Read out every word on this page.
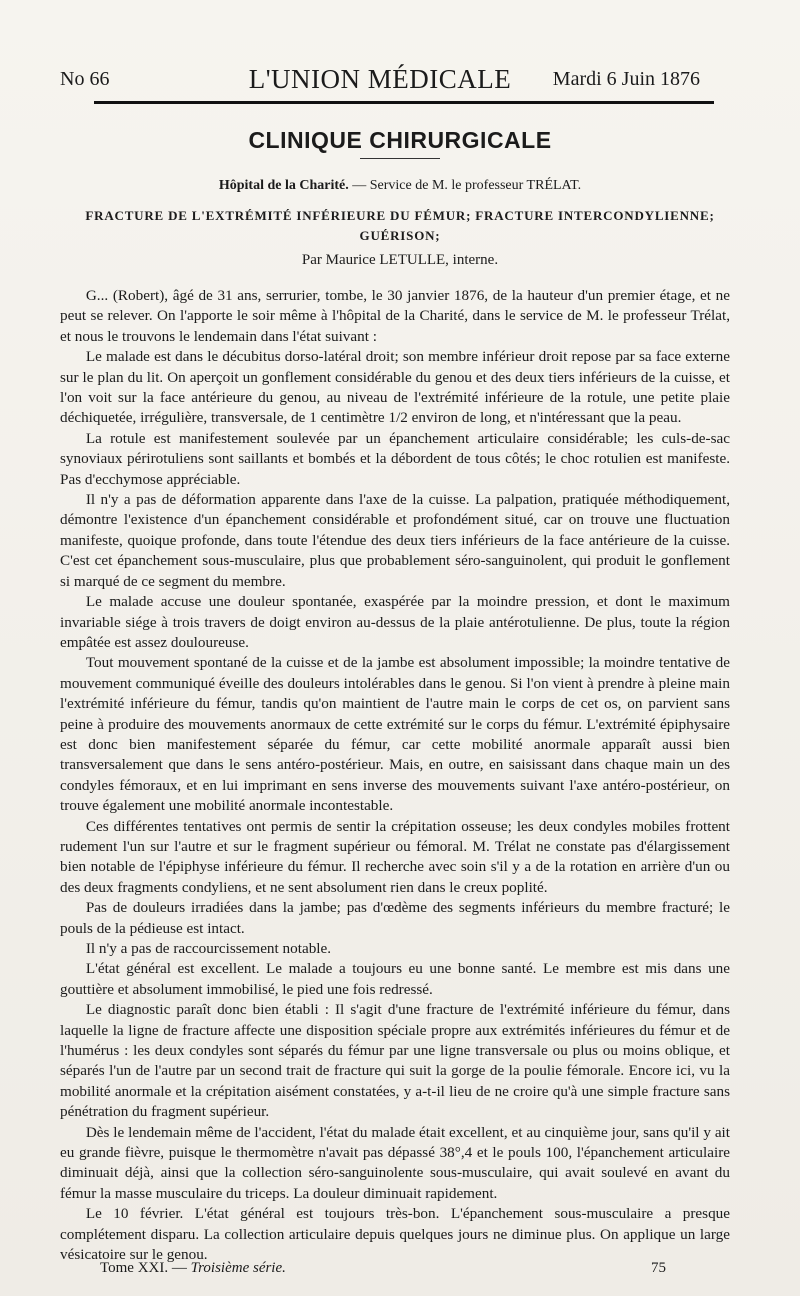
No 66	L'UNION MÉDICALE	Mardi 6 Juin 1876
CLINIQUE CHIRURGICALE
Hôpital de la Charité. — Service de M. le professeur TRÉLAT.
FRACTURE DE L'EXTRÉMITÉ INFÉRIEURE DU FÉMUR; FRACTURE INTERCONDYLIENNE; GUÉRISON;
Par Maurice LETULLE, interne.

G... (Robert), âgé de 31 ans, serrurier, tombe, le 30 janvier 1876, de la hauteur d'un premier étage, et ne peut se relever. On l'apporte le soir même à l'hôpital de la Charité, dans le service de M. le professeur Trélat, et nous le trouvons le lendemain dans l'état suivant :

Le malade est dans le décubitus dorso-latéral droit; son membre inférieur droit repose par sa face externe sur le plan du lit. On aperçoit un gonflement considérable du genou et des deux tiers inférieurs de la cuisse, et l'on voit sur la face antérieure du genou, au niveau de l'extrémité inférieure de la rotule, une petite plaie déchiquetée, irrégulière, transversale, de 1 centimètre 1/2 environ de long, et n'intéressant que la peau.

La rotule est manifestement soulevée par un épanchement articulaire considérable; les culs-de-sac synoviaux périrotuliens sont saillants et bombés et la débordent de tous côtés; le choc rotulien est manifeste. Pas d'ecchymose appréciable.

Il n'y a pas de déformation apparente dans l'axe de la cuisse. La palpation, pratiquée méthodiquement, démontre l'existence d'un épanchement considérable et profondément situé, car on trouve une fluctuation manifeste, quoique profonde, dans toute l'étendue des deux tiers inférieurs de la face antérieure de la cuisse. C'est cet épanchement sous-musculaire, plus que probablement séro-sanguinolent, qui produit le gonflement si marqué de ce segment du membre.

Le malade accuse une douleur spontanée, exaspérée par la moindre pression, et dont le maximum invariable siége à trois travers de doigt environ au-dessus de la plaie antérotulienne. De plus, toute la région empâtée est assez douloureuse.

Tout mouvement spontané de la cuisse et de la jambe est absolument impossible; la moindre tentative de mouvement communiqué éveille des douleurs intolérables dans le genou. Si l'on vient à prendre à pleine main l'extrémité inférieure du fémur, tandis qu'on maintient de l'autre main le corps de cet os, on parvient sans peine à produire des mouvements anormaux de cette extrémité sur le corps du fémur. L'extrémité épiphysaire est donc bien manifestement séparée du fémur, car cette mobilité anormale apparaît aussi bien transversalement que dans le sens antéro-postérieur. Mais, en outre, en saisissant dans chaque main un des condyles fémoraux, et en lui imprimant en sens inverse des mouvements suivant l'axe antéro-postérieur, on trouve également une mobilité anormale incontestable.

Ces différentes tentatives ont permis de sentir la crépitation osseuse; les deux condyles mobiles frottent rudement l'un sur l'autre et sur le fragment supérieur ou fémoral. M. Trélat ne constate pas d'élargissement bien notable de l'épiphyse inférieure du fémur. Il recherche avec soin s'il y a de la rotation en arrière d'un ou des deux fragments condyliens, et ne sent absolument rien dans le creux poplité.

Pas de douleurs irradiées dans la jambe; pas d'œdème des segments inférieurs du membre fracturé; le pouls de la pédieuse est intact.

Il n'y a pas de raccourcissement notable.

L'état général est excellent. Le malade a toujours eu une bonne santé. Le membre est mis dans une gouttière et absolument immobilisé, le pied une fois redressé.

Le diagnostic paraît donc bien établi : Il s'agit d'une fracture de l'extrémité inférieure du fémur, dans laquelle la ligne de fracture affecte une disposition spéciale propre aux extrémités inférieures du fémur et de l'humérus : les deux condyles sont séparés du fémur par une ligne transversale ou plus ou moins oblique, et séparés l'un de l'autre par un second trait de fracture qui suit la gorge de la poulie fémorale. Encore ici, vu la mobilité anormale et la crépitation aisément constatées, y a-t-il lieu de ne croire qu'à une simple fracture sans pénétration du fragment supérieur.

Dès le lendemain même de l'accident, l'état du malade était excellent, et au cinquième jour, sans qu'il y ait eu grande fièvre, puisque le thermomètre n'avait pas dépassé 38°,4 et le pouls 100, l'épanchement articulaire diminuait déjà, ainsi que la collection séro-sanguinolente sous-musculaire, qui avait soulevé en avant du fémur la masse musculaire du triceps. La douleur diminuait rapidement.

Le 10 février. L'état général est toujours très-bon. L'épanchement sous-musculaire a presque complétement disparu. La collection articulaire depuis quelques jours ne diminue plus. On applique un large vésicatoire sur le genou.

Tome XXI. — Troisième série.	75
